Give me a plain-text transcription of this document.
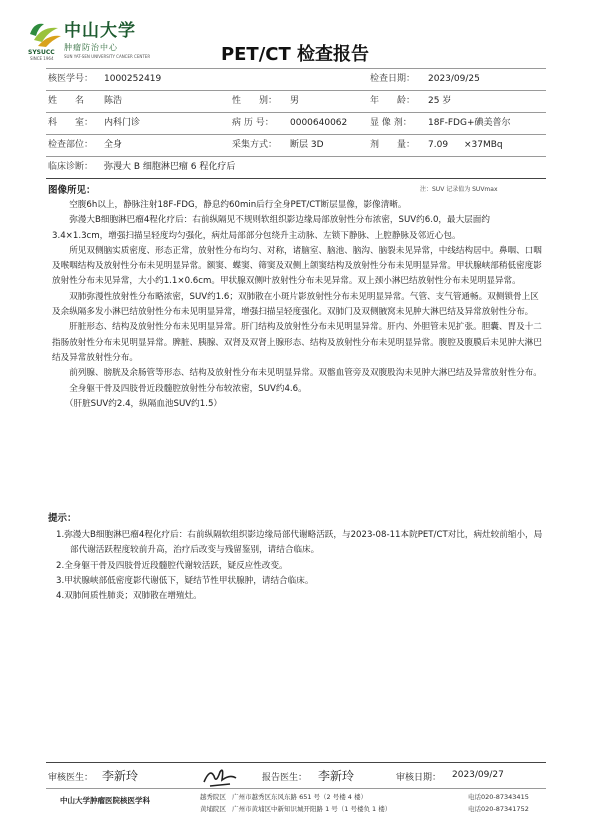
中山大学
肿瘤防治中心
SUN YAT-SEN UNIVERSITY CANCER CENTER
SYSUCC
SINCE 1964	PET/CT 检查报告
核医学号： 1000252419	检查日期： 2023/09/25
姓　　名 陈浩	性　　别： 男	年　　龄： 25 岁
科　　室： 内科门诊	病 历 号： 0000640062	显 像 剂： 18F-FDG+碘美普尔
检查部位： 全身	采集方式： 断层 3D	剂　　量： 7.09 ×37MBq
临床诊断： 弥漫大 B 细胞淋巴瘤 6 程化疗后
图像所见：	注：SUV 记录值为 SUVmax

空腹6h以上，静脉注射18F-FDG，静息约60min后行全身PET/CT断层显像，影像清晰。

弥漫大B细胞淋巴瘤4程化疗后：右前纵隔见不规则软组织影边缘局部放射性分布浓密，SUV约6.0，最大层面约3.4×1.3cm，增强扫描呈轻度均匀强化，病灶局部部分包绕升主动脉、左锁下静脉、上腔静脉及邻近心包。

所见双侧脑实质密度、形态正常，放射性分布均匀、对称，诸脑室、脑池、脑沟、脑裂未见异常，中线结构居中。鼻咽、口咽及喉咽结构及放射性分布未见明显异常。额窦、蝶窦、筛窦及双侧上颌窦结构及放射性分布未见明显异常。甲状腺峡部稍低密度影放射性分布未见异常，大小约1.1×0.6cm。甲状腺双侧叶放射性分布未见异常。双上颈小淋巴结放射性分布未见明显异常。

双肺弥漫性放射性分布略浓密，SUV约1.6；双肺散在小斑片影放射性分布未见明显异常。气管、支气管通畅。双侧锁骨上区及余纵隔多发小淋巴结放射性分布未见明显异常，增强扫描呈轻度强化。双肺门及双侧腋窝未见肿大淋巴结及异常放射性分布。

肝脏形态、结构及放射性分布未见明显异常。肝门结构及放射性分布未见明显异常。肝内、外胆管未见扩张。胆囊、胃及十二指肠放射性分布未见明显异常。脾脏、胰腺、双肾及双肾上腺形态、结构及放射性分布未见明显异常。腹腔及腹膜后未见肿大淋巴结及异常放射性分布。

前列腺、膀胱及余肠管等形态、结构及放射性分布未见明显异常。双髂血管旁及双腹股沟未见肿大淋巴结及异常放射性分布。

全身躯干骨及四肢骨近段髓腔放射性分布较浓密，SUV约4.6。

（肝脏SUV约2.4，纵隔血池SUV约1.5）

提示：

1.弥漫大B细胞淋巴瘤4程化疗后：右前纵隔软组织影边缘局部代谢略活跃，与2023-08-11本院PET/CT对比，病灶较前缩小，局部代谢活跃程度较前升高，治疗后改变与残留鉴别，请结合临床。

2.全身躯干骨及四肢骨近段髓腔代谢较活跃，疑反应性改变。

3.甲状腺峡部低密度影代谢低下，疑结节性甲状腺肿，请结合临床。

4.双肺间质性肺炎；双肺散在增殖灶。

审核医生： 李新玲	报告医生： 李新玲	审核日期： 2023/09/27
中山大学肿瘤医院核医学科	越秀院区 广州市越秀区东风东路 651 号（2 号楼 4 楼）
黄埔院区 广州市黄埔区中新知识城开阳路 1 号（1 号楼负 1 楼）
电话020-87343415
电话020-87341752
